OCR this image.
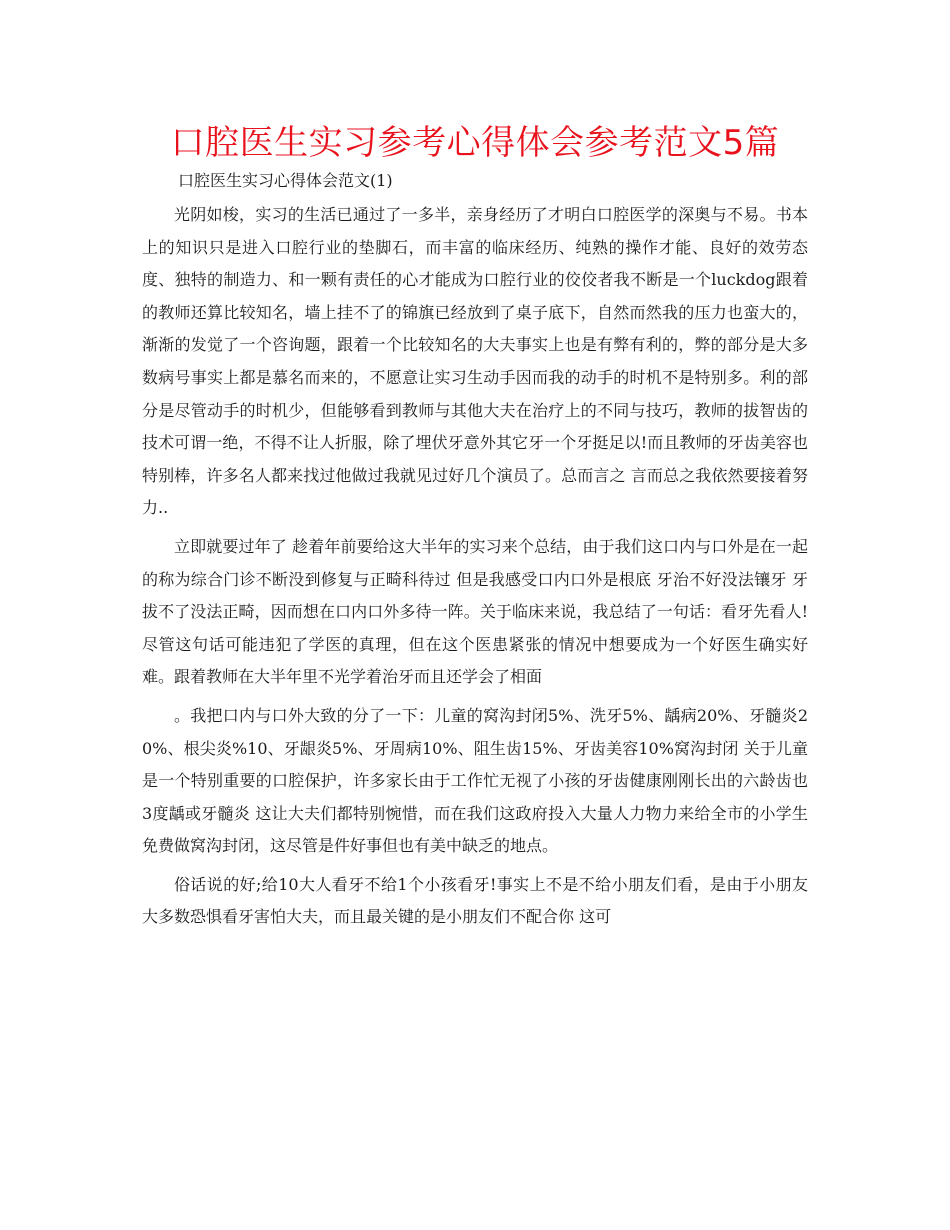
口腔医生实习参考心得体会参考范文5篇

口腔医生实习心得体会范文(1)

光阴如梭，实习的生活已通过了一多半，亲身经历了才明白口腔医学的深奥与不易。书本上的知识只是进入口腔行业的垫脚石，而丰富的临床经历、纯熟的操作才能、良好的效劳态度、独特的制造力、和一颗有责任的心才能成为口腔行业的佼佼者我不断是一个luckdog跟着的教师还算比较知名，墙上挂不了的锦旗已经放到了桌子底下，自然而然我的压力也蛮大的，渐渐的发觉了一个咨询题，跟着一个比较知名的大夫事实上也是有弊有利的，弊的部分是大多数病号事实上都是慕名而来的，不愿意让实习生动手因而我的动手的时机不是特别多。利的部分是尽管动手的时机少，但能够看到教师与其他大夫在治疗上的不同与技巧，教师的拔智齿的技术可谓一绝，不得不让人折服，除了埋伏牙意外其它牙一个牙挺足以!而且教师的牙齿美容也特别棒，许多名人都来找过他做过我就见过好几个演员了。总而言之 言而总之我依然要接着努力..

立即就要过年了 趁着年前要给这大半年的实习来个总结，由于我们这口内与口外是在一起的称为综合门诊不断没到修复与正畸科待过 但是我感受口内口外是根底 牙治不好没法镶牙 牙拔不了没法正畸，因而想在口内口外多待一阵。关于临床来说，我总结了一句话：看牙先看人!尽管这句话可能违犯了学医的真理，但在这个医患紧张的情况中想要成为一个好医生确实好难。跟着教师在大半年里不光学着治牙而且还学会了相面

。我把口内与口外大致的分了一下：儿童的窝沟封闭5%、洗牙5%、龋病20%、牙髓炎20%、根尖炎%10、牙龈炎5%、牙周病10%、阻生齿15%、牙齿美容10%窝沟封闭 关于儿童是一个特别重要的口腔保护，许多家长由于工作忙无视了小孩的牙齿健康刚刚长出的六龄齿也3度龋或牙髓炎 这让大夫们都特别惋惜，而在我们这政府投入大量人力物力来给全市的小学生免费做窝沟封闭，这尽管是件好事但也有美中缺乏的地点。

俗话说的好;给10大人看牙不给1个小孩看牙!事实上不是不给小朋友们看，是由于小朋友大多数恐惧看牙害怕大夫，而且最关键的是小朋友们不配合你 这可
